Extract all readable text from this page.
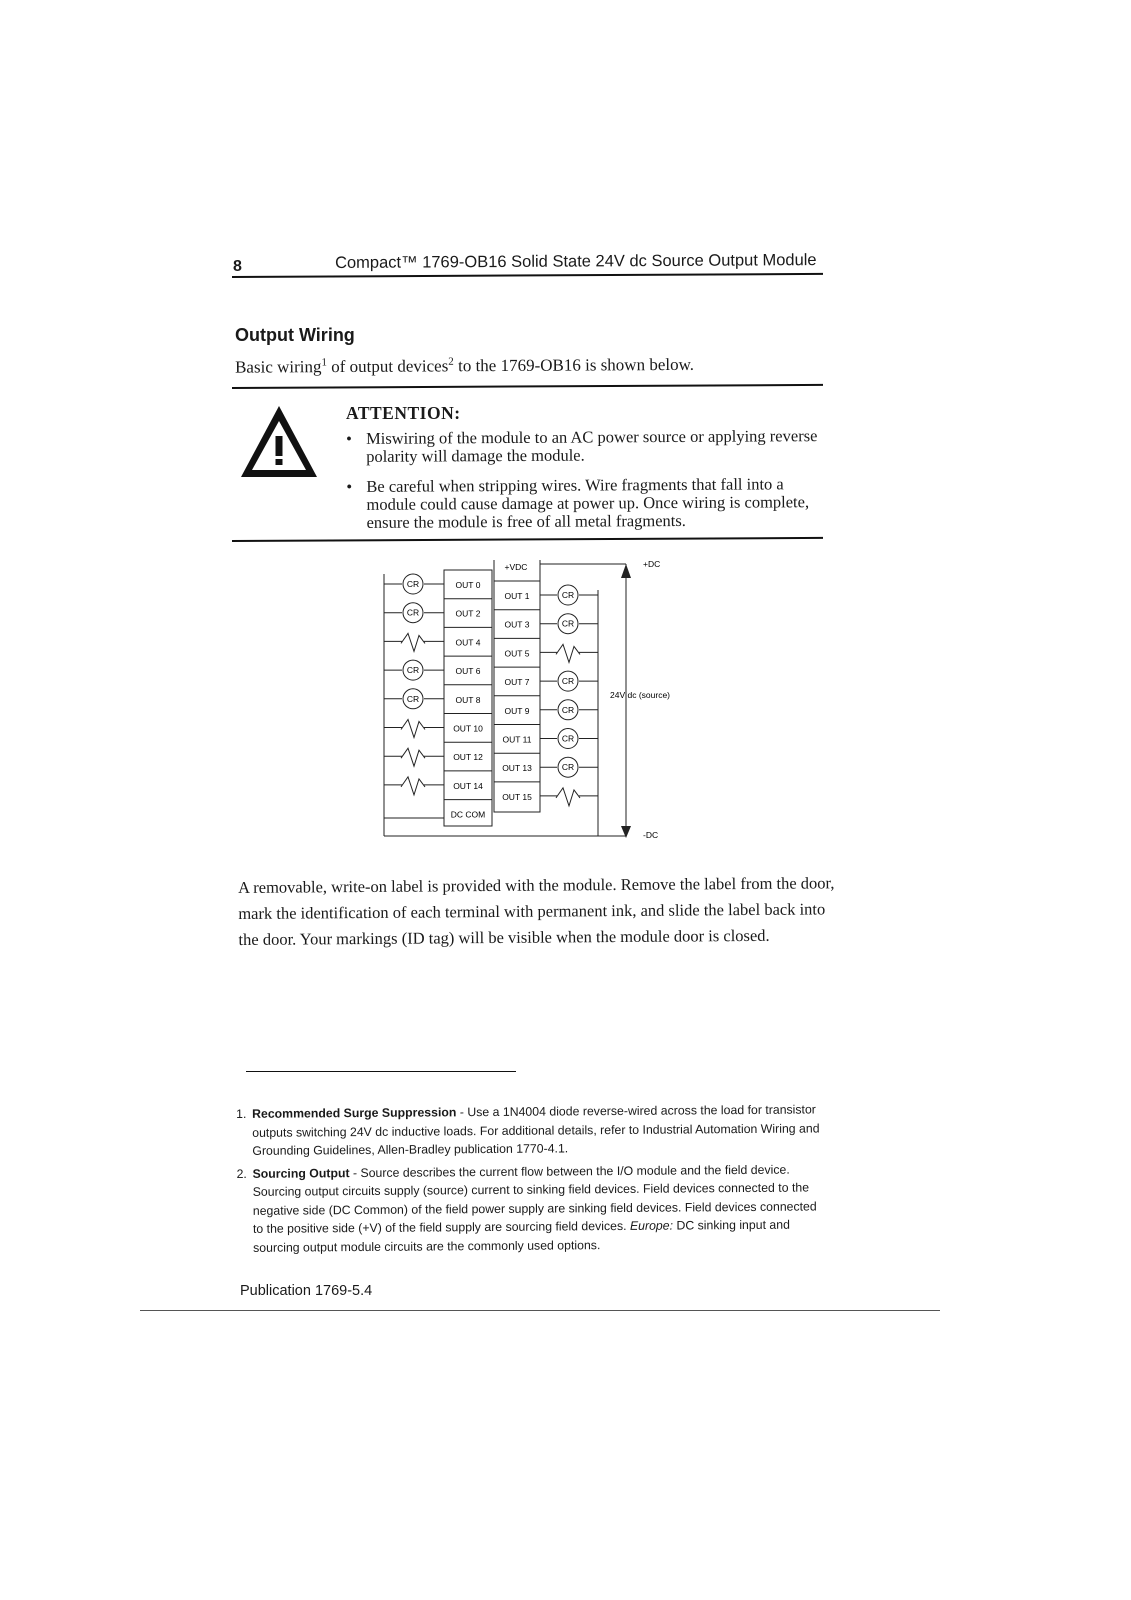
8	Compact™ 1769-OB16 Solid State 24V dc Source Output Module
Output Wiring
Basic wiring$^1$ of output devices$^2$ to the 1769-OB16 is shown below.
ATTENTION:
• Miswiring of the module to an AC power source or applying reverse polarity will damage the module.
• Be careful when stripping wires. Wire fragments that fall into a module could cause damage at power up. Once wiring is complete, ensure the module is free of all metal fragments.
OUT 0
CR
OUT 2
CR
OUT 4
OUT 6
CR
OUT 8
CR
OUT 10
OUT 12
OUT 14
DC COM
OUT 1	CR
OUT 3	CR
OUT 5
OUT 7	CR
OUT 9	CR
OUT 11	CR
OUT 13	CR
OUT 15
+VDC	+DC
-DC
24V dc (source)
A removable, write-on label is provided with the module. Remove the label from the door, mark the identification of each terminal with permanent ink, and slide the label back into the door. Your markings (ID tag) will be visible when the module door is closed.
1. Recommended Surge Suppression - Use a 1N4004 diode reverse-wired across the load for transistor outputs switching 24V dc inductive loads. For additional details, refer to Industrial Automation Wiring and Grounding Guidelines, Allen-Bradley publication 1770-4.1.
2. Sourcing Output - Source describes the current flow between the I/O module and the field device. Sourcing output circuits supply (source) current to sinking field devices. Field devices connected to the negative side (DC Common) of the field power supply are sinking field devices. Field devices connected to the positive side (+V) of the field supply are sourcing field devices. Europe: DC sinking input and sourcing output module circuits are the commonly used options.
Publication 1769-5.4
